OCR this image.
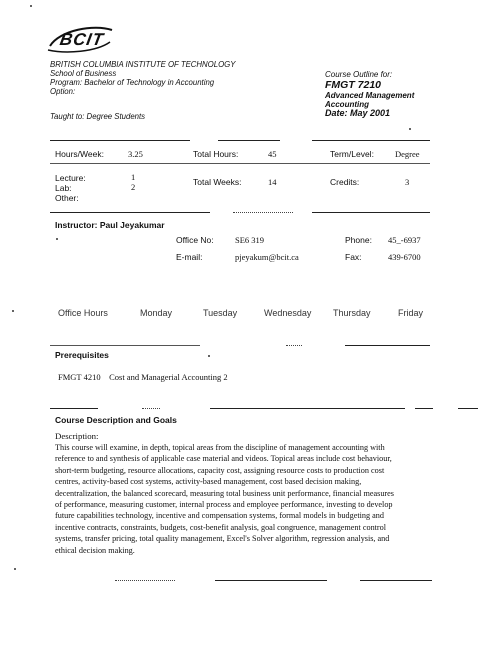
BCIT
BRITISH COLUMBIA INSTITUTE OF TECHNOLOGY
School of Business
Program: Bachelor of Technology in Accounting
Option:
Taught to: Degree Students
Course Outline for:
FMGT 7210
Advanced Management
Accounting
Date: May 2001
Hours/Week:	3.25	Total Hours:	45	Term/Level: Degree
Lecture:	1
Lab:	2
Other:
Total Weeks:	14	Credits:	3
Instructor: Paul Jeyakumar
Office No:	SE6 319	Phone: 45_-6937
E-mail:	pjeyakum@bcit.ca	Fax:	439-6700
Office Hours	Monday	Tuesday	Wednesday Thursday	Friday
Prerequisites
FMGT 4210    Cost and Managerial Accounting 2
Course Description and Goals
Description:
This course will examine, in depth, topical areas from the discipline of management accounting with
reference to and synthesis of applicable case material and videos. Topical areas include cost behaviour,
short-term budgeting, resource allocations, capacity cost, assigning resource costs to production cost
centres, activity-based cost systems, activity-based management, cost based decision making,
decentralization, the balanced scorecard, measuring total business unit performance, financial measures
of performance, measuring customer, internal process and employee performance, investing to develop
future capabilities technology, incentive and compensation systems, formal models in budgeting and
incentive contracts, constraints, budgets, cost-benefit analysis, goal congruence, management control
systems, transfer pricing, total quality management, Excel's Solver algorithm, regression analysis, and
ethical decision making.
